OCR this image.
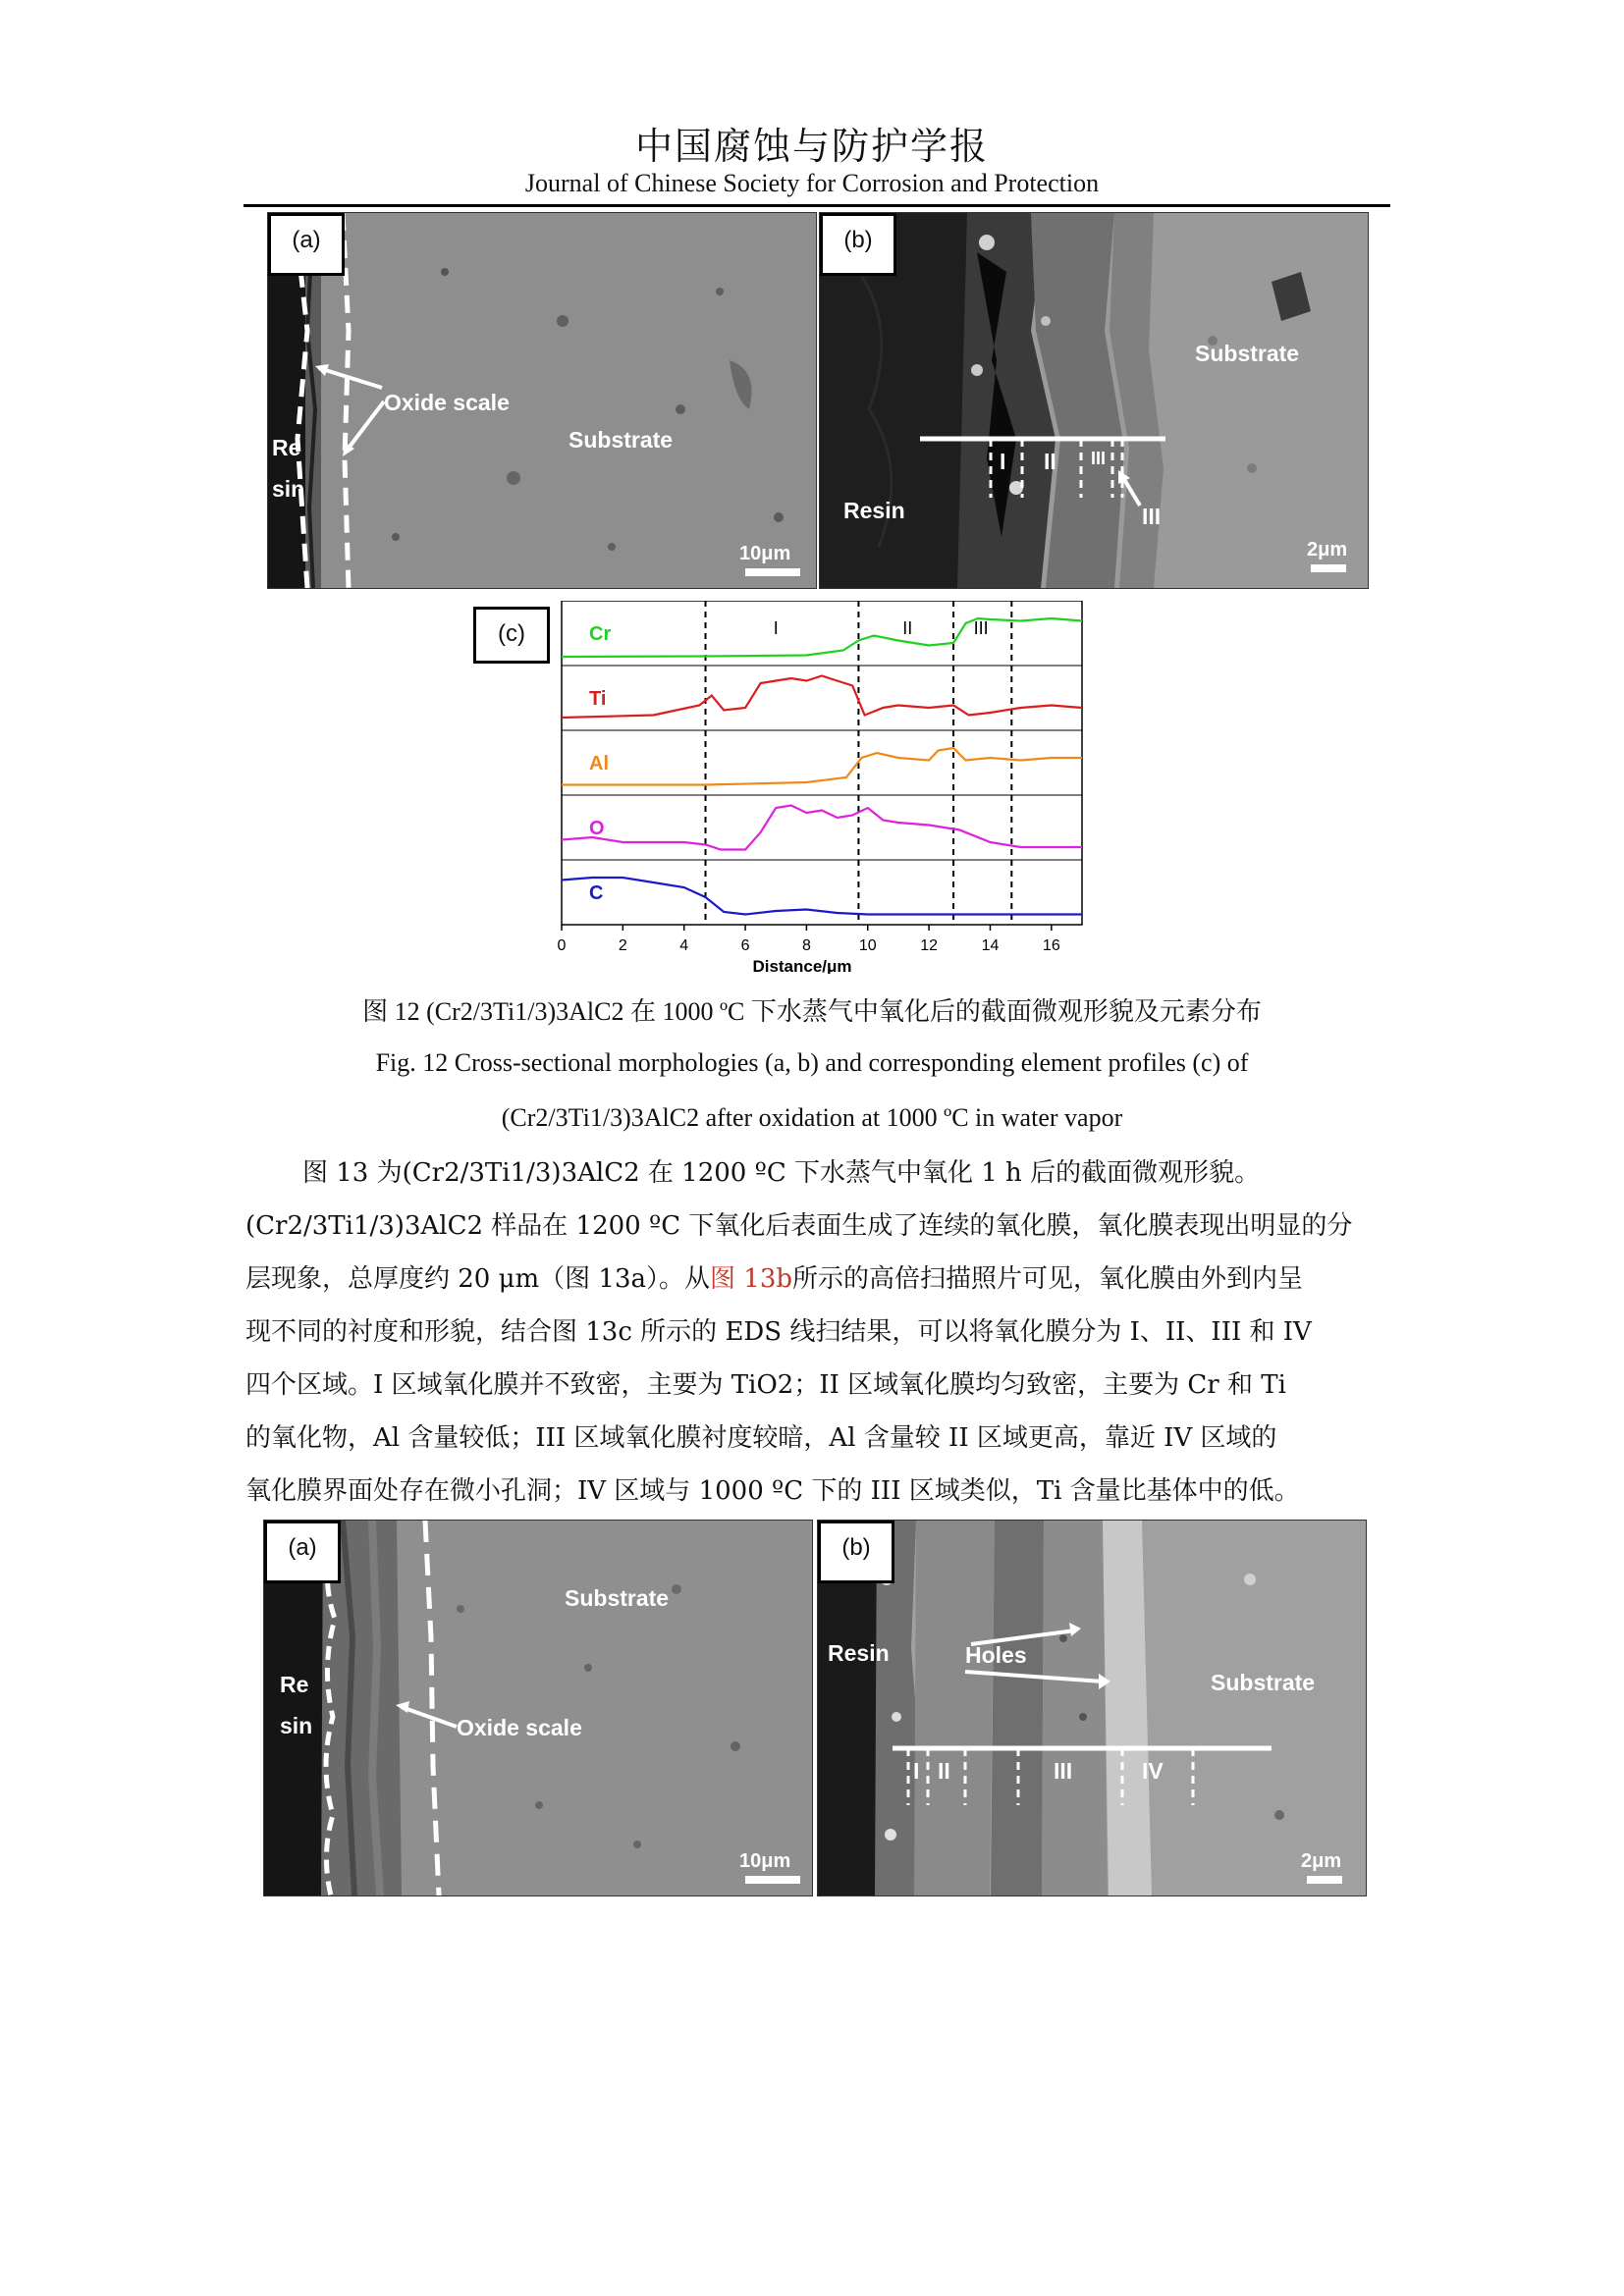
中国腐蚀与防护学报
Journal of Chinese Society for Corrosion and Protection
(a)
Oxide scale
Re
sin
Substrate
10μm
(b)
Substrate
Resin
I II III
III
2μm
(c)	I	II	III
Cr
Ti
Al
O
C
0	2	4	6	8	10	12	14	16
Distance/μm
图 12 (Cr2/3Ti1/3)3AlC2 在 1000 ºC 下水蒸气中氧化后的截面微观形貌及元素分布
Fig. 12 Cross-sectional morphologies (a, b) and corresponding element profiles (c) of
(Cr2/3Ti1/3)3AlC2 after oxidation at 1000 ºC in water vapor
图 13 为(Cr2/3Ti1/3)3AlC2 在 1200 ºC 下水蒸气中氧化 1 h 后的截面微观形貌。
(Cr2/3Ti1/3)3AlC2 样品在 1200 ºC 下氧化后表面生成了连续的氧化膜，氧化膜表现出明显的分
层现象，总厚度约 20 μm（图 13a）。从图 13b所示的高倍扫描照片可见，氧化膜由外到内呈
现不同的衬度和形貌，结合图 13c 所示的 EDS 线扫结果，可以将氧化膜分为 I、II、III 和 IV
四个区域。I 区域氧化膜并不致密，主要为 TiO2；II 区域氧化膜均匀致密，主要为 Cr 和 Ti
的氧化物，Al 含量较低；III 区域氧化膜衬度较暗，Al 含量较 II 区域更高，靠近 IV 区域的
氧化膜界面处存在微小孔洞；IV 区域与 1000 ºC 下的 III 区域类似，Ti 含量比基体中的低。
(a)
Substrate
Re
sin	Oxide scale
10μm
(b)
Resin	Holes
Substrate
I II	III	IV
2μm
